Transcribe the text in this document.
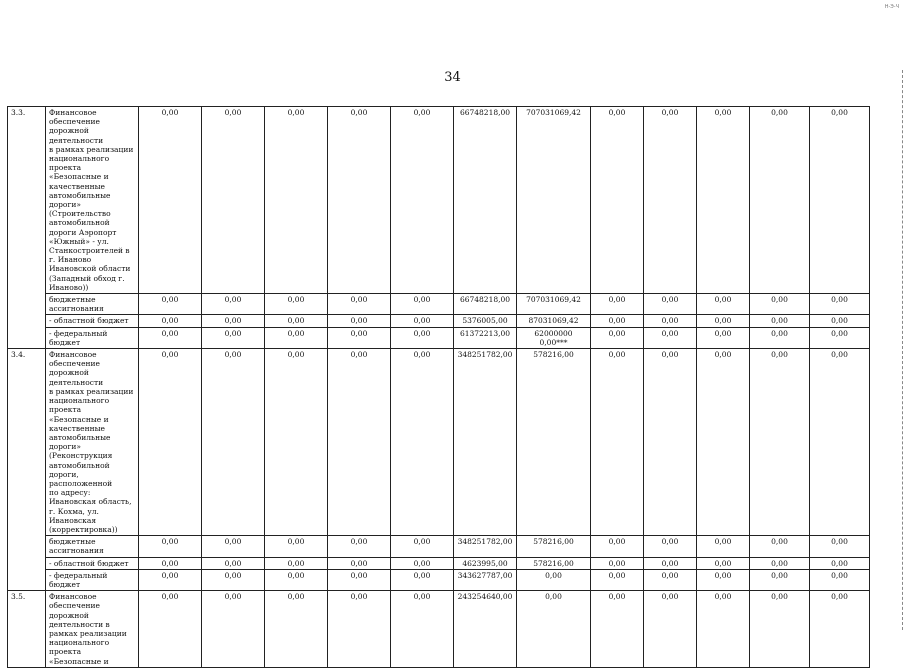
34
3.3.	Финансовое обеспечение дорожной деятельности
в рамках реализации национального проекта «Безопасные и качественные автомобильные дороги»
(Строительство автомобильной дороги Аэропорт «Южный» - ул. Станкостроителей в г. Иваново Ивановской области (Западный обход г. Иваново))	0,00	0,00	0,00	0,00	0,00	66748218,00	707031069,42	0,00	0,00	0,00	0,00	0,00
	бюджетные ассигнования	0,00	0,00	0,00	0,00	0,00	66748218,00	707031069,42	0,00	0,00	0,00	0,00	0,00
	- областной бюджет	0,00	0,00	0,00	0,00	0,00	5376005,00	87031069,42	0,00	0,00	0,00	0,00	0,00
	- федеральный бюджет	0,00	0,00	0,00	0,00	0,00	61372213,00	62000000
0,00***	0,00	0,00	0,00	0,00	0,00
3.4.	Финансовое обеспечение дорожной деятельности
в рамках реализации национального проекта «Безопасные и качественные автомобильные дороги»
(Реконструкция автомобильной дороги, расположенной
по адресу: Ивановская область, г. Кохма, ул. Ивановская (корректировка))	0,00	0,00	0,00	0,00	0,00	348251782,00	578216,00	0,00	0,00	0,00	0,00	0,00
	бюджетные ассигнования	0,00	0,00	0,00	0,00	0,00	348251782,00	578216,00	0,00	0,00	0,00	0,00	0,00
	- областной бюджет	0,00	0,00	0,00	0,00	0,00	4623995,00	578216,00	0,00	0,00	0,00	0,00	0,00
	- федеральный бюджет	0,00	0,00	0,00	0,00	0,00	343627787,00	0,00	0,00	0,00	0,00	0,00	0,00
3.5.	Финансовое обеспечение дорожной деятельности в рамках реализации национального проекта «Безопасные и	0,00	0,00	0,00	0,00	0,00	243254640,00	0,00	0,00	0,00	0,00	0,00	0,00
Н-Э-Ч
